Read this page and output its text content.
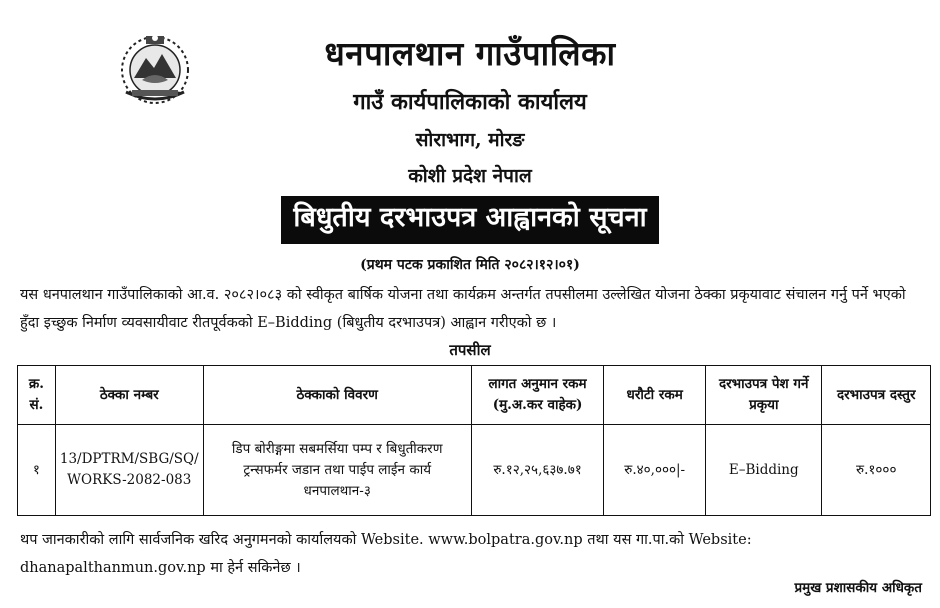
धनपालथान गाउँपालिका
गाउँ कार्यपालिकाको कार्यालय
सोराभाग, मोरङ
कोशी प्रदेश नेपाल
बिधुतीय दरभाउपत्र आह्वानको सूचना
(प्रथम पटक प्रकाशित मिति २०८२।१२।०१)
यस धनपालथान गाउँपालिकाको आ.व. २०८२।०८३ को स्वीकृत बार्षिक योजना तथा कार्यक्रम अन्तर्गत तपसीलमा उल्लेखित योजना ठेक्का प्रकृयावाट संचालन गर्नु पर्ने भएको हुँदा इच्छुक निर्माण व्यवसायीवाट रीतपूर्वकको E–Bidding (बिधुतीय दरभाउपत्र) आह्वान गरीएको छ ।
तपसील
क्र. सं.	ठेक्का नम्बर	ठेक्काको विवरण	लागत अनुमान रकम (मु.अ.कर वाहेक)	धरौटी रकम	दरभाउपत्र पेश गर्ने प्रकृया	दरभाउपत्र दस्तुर
१	13/DPTRM/SBG/SQ/ WORKS-2082-083	डिप बोरीङ्गमा सबमर्सिया पम्प र बिधुतीकरण ट्रन्सफर्मर जडान तथा पाईप लाईन कार्य धनपालथान-३	रु.१२,२५,६३७.७१	रु.४०,०००|-	E–Bidding	रु.१०००
थप जानकारीको लागि सार्वजनिक खरिद अनुगमनको कार्यालयको Website. www.bolpatra.gov.np तथा यस गा.पा.को Website: dhanapalthanmun.gov.np मा हेर्न सकिनेछ ।
प्रमुख प्रशासकीय अधिकृत
